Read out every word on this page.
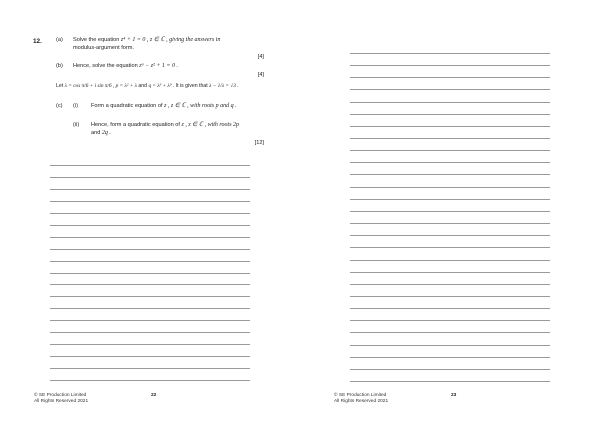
12.	(a) Solve the equation z⁴ + 1 = 0 , z ∈ ℂ , giving the answers in
modulus-argument form.
[4]
(b) Hence, solve the equation z⁶ − z² + 1 = 0 .
[4]
Let λ = cos π/6 + i sin π/6 , p = λ² + λ and q = λ³ + λ⁹ . It is given that λ − 1/λ = √3 .
(c) (i) Form a quadratic equation of z , z ∈ ℂ , with roots p and q .
(ii) Hence, form a quadratic equation of z , z ∈ ℂ , with roots 2p
and 2q .
[12]
© SE Production Limited
All Rights Reserved 2021
22	© SE Production Limited
All Rights Reserved 2021
23
